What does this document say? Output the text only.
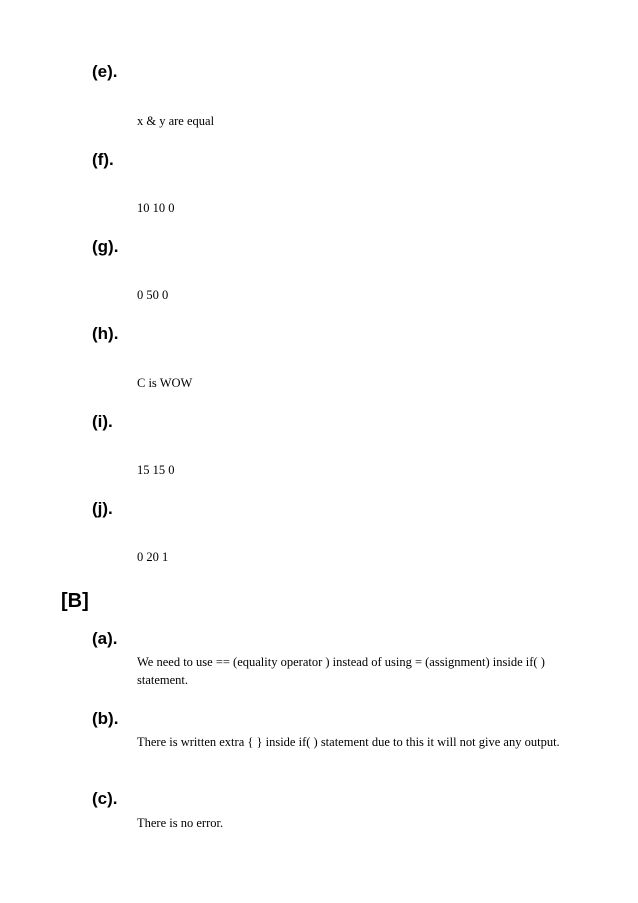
(e).

x & y are equal

(f).

10 10 0

(g).

0 50 0

(h).

C is WOW

(i).

15 15 0

(j).

0 20 1

[B]
(a).

We need to use == (equality operator ) instead of using = (assignment) inside if( ) statement.

(b).

There is written extra { } inside if( ) statement due to this it will not give any output.

(c).

There is no error.
